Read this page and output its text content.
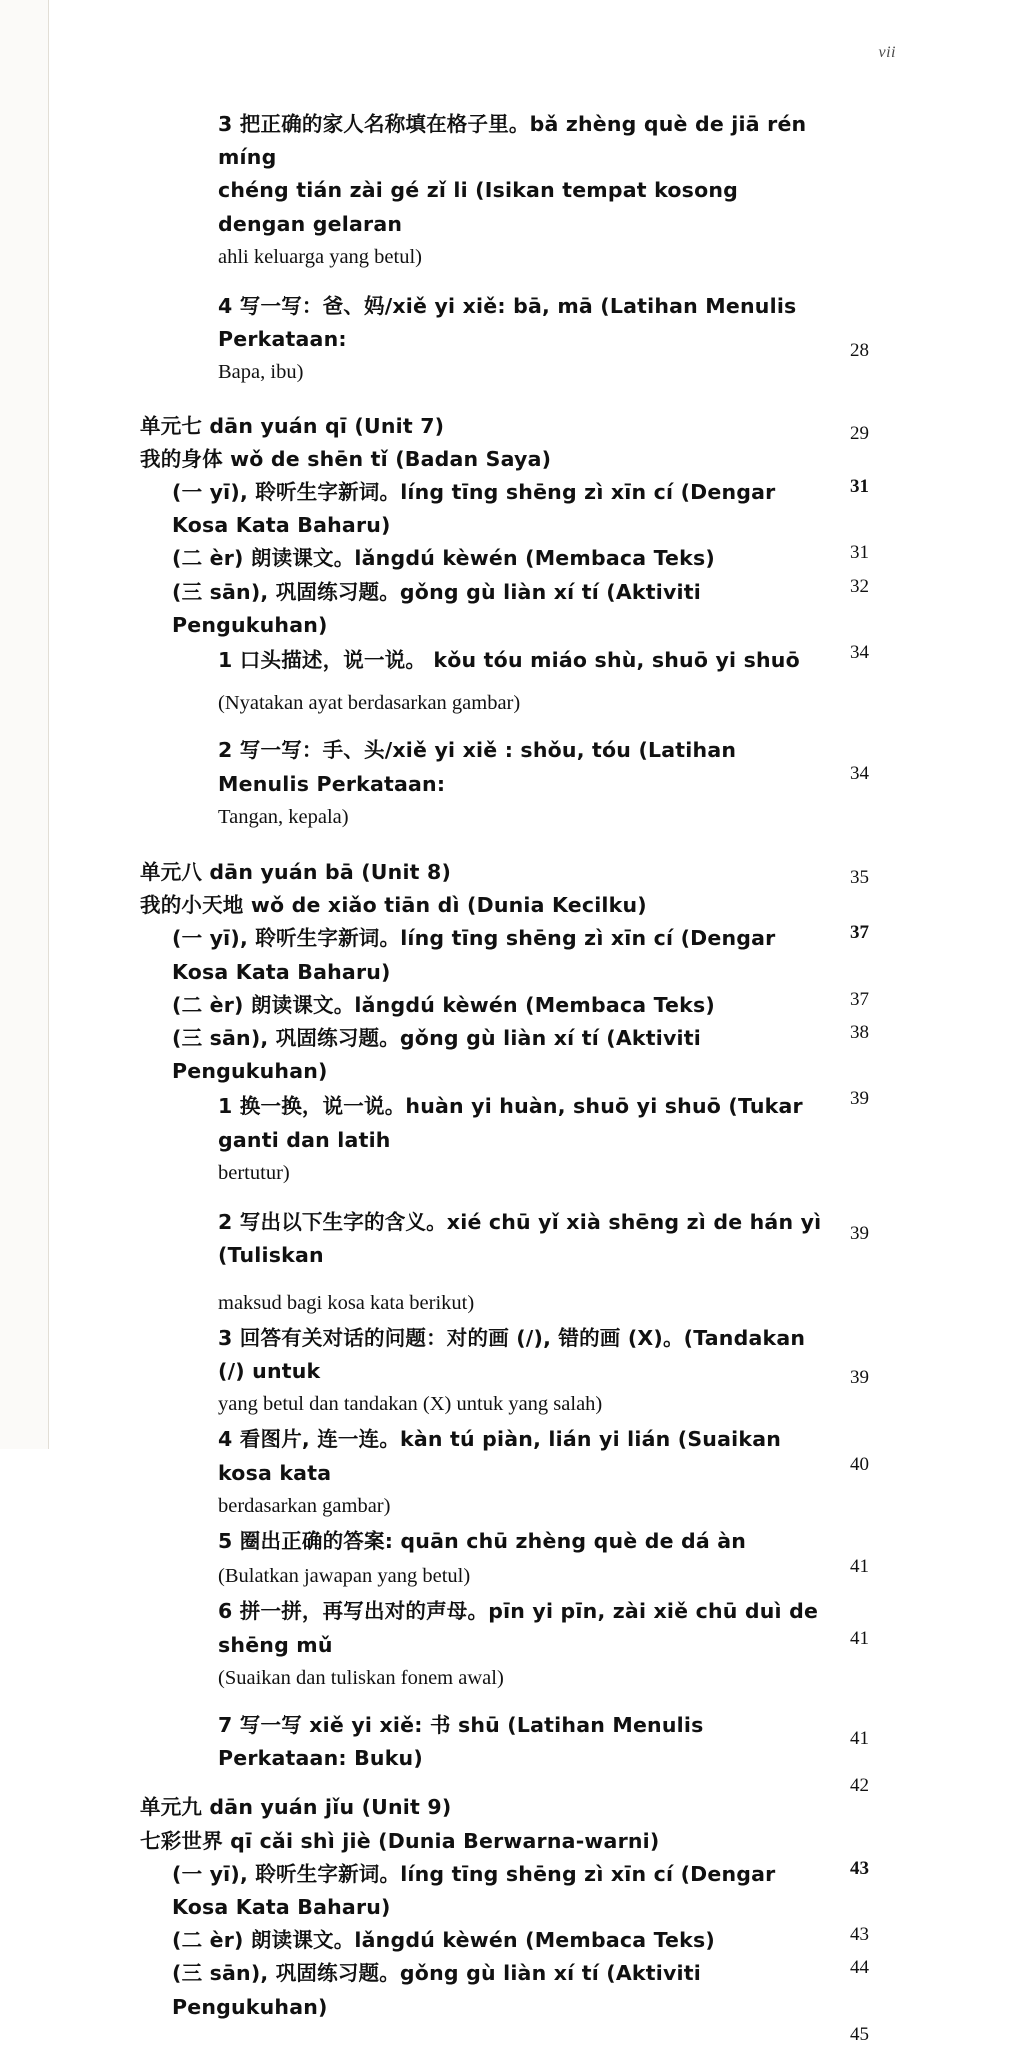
vii
3 把正确的家人名称填在格子里。bǎ zhèng què de jiā rén míng
chéng tián zài gé zǐ li (Isikan tempat kosong dengan gelaran
ahli keluarga yang betul)
28
4 写一写：爸、妈/xiě yi xiě: bā, mā (Latihan Menulis Perkataan:
Bapa, ibu)
29
单元七 dān yuán qī (Unit 7)
我的身体 wǒ de shēn tǐ (Badan Saya)
31
(一 yī), 聆听生字新词。líng tīng shēng zì xīn cí (Dengar Kosa Kata Baharu)
31
(二 èr) 朗读课文。lǎngdú kèwén (Membaca Teks)
32
(三 sān), 巩固练习题。gǒng gù liàn xí tí (Aktiviti Pengukuhan)
34
1 口头描述，说一说。 kǒu tóu miáo shù, shuō yi shuō
(Nyatakan ayat berdasarkan gambar)
34
2 写一写：手、头/xiě yi xiě : shǒu, tóu (Latihan Menulis Perkataan:
Tangan, kepala)
35
单元八 dān yuán bā (Unit 8)
我的小天地 wǒ de xiǎo tiān dì (Dunia Kecilku)
37
(一 yī), 聆听生字新词。líng tīng shēng zì xīn cí (Dengar Kosa Kata Baharu)
37
(二 èr) 朗读课文。lǎngdú kèwén (Membaca Teks)
38
(三 sān), 巩固练习题。gǒng gù liàn xí tí (Aktiviti Pengukuhan)
39
1 换一换，说一说。huàn yi huàn, shuō yi shuō (Tukar ganti dan latih
bertutur)
39
2 写出以下生字的含义。xié chū yǐ xià shēng zì de hán yì (Tuliskan
maksud bagi kosa kata berikut)
39
3 回答有关对话的问题：对的画 (/), 错的画 (X)。(Tandakan (/) untuk
yang betul dan tandakan (X) untuk yang salah)
40
4 看图片, 连一连。kàn tú piàn, lián yi lián (Suaikan kosa kata
berdasarkan gambar)
41
5 圈出正确的答案: quān chū zhèng què de dá àn
(Bulatkan jawapan yang betul)
41
6 拼一拼，再写出对的声母。pīn yi pīn, zài xiě chū duì de shēng mǔ
(Suaikan dan tuliskan fonem awal)
41
7 写一写 xiě yi xiě: 书 shū (Latihan Menulis Perkataan: Buku)
42
单元九 dān yuán jǐu (Unit 9)
七彩世界 qī cǎi shì jiè (Dunia Berwarna-warni)
43
(一 yī), 聆听生字新词。líng tīng shēng zì xīn cí (Dengar Kosa Kata Baharu)
43
(二 èr) 朗读课文。lǎngdú kèwén (Membaca Teks)
44
(三 sān), 巩固练习题。gǒng gù liàn xí tí (Aktiviti Pengukuhan)
45
